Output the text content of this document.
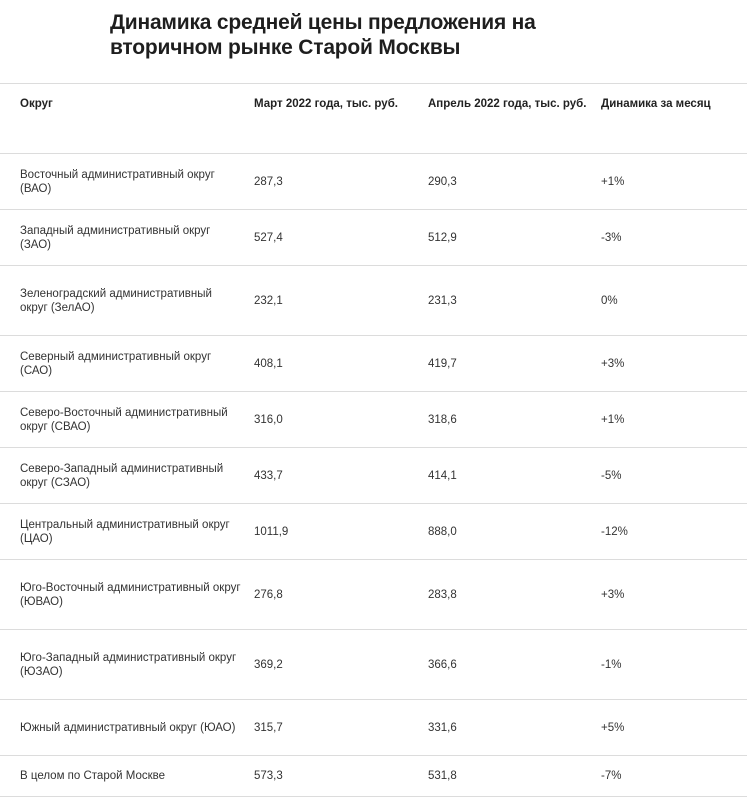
Динамика средней цены предложения на вторичном рынке Старой Москвы
Округ	Март 2022 года, тыс. руб.	Апрель 2022 года, тыс. руб.	Динамика за месяц
Восточный административный округ (ВАО)	287,3	290,3	+1%
Западный административный округ (ЗАО)	527,4	512,9	-3%
Зеленоградский административный округ (ЗелАО)	232,1	231,3	0%
Северный административный округ (САО)	408,1	419,7	+3%
Северо-Восточный административный округ (СВАО)	316,0	318,6	+1%
Северо-Западный административный округ (СЗАО)	433,7	414,1	-5%
Центральный административный округ (ЦАО)	1011,9	888,0	-12%
Юго-Восточный административный округ (ЮВАО)	276,8	283,8	+3%
Юго-Западный административный округ (ЮЗАО)	369,2	366,6	-1%
Южный административный округ (ЮАО)	315,7	331,6	+5%
В целом по Старой Москве	573,3	531,8	-7%
